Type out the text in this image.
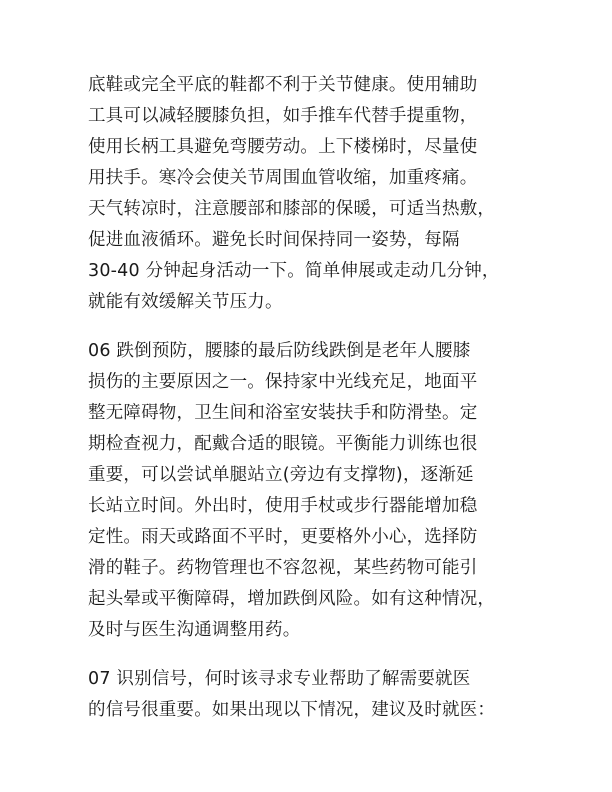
底鞋或完全平底的鞋都不利于关节健康。使用辅助
工具可以减轻腰膝负担，如手推车代替手提重物，
使用长柄工具避免弯腰劳动。上下楼梯时，尽量使
用扶手。寒冷会使关节周围血管收缩，加重疼痛。
天气转凉时，注意腰部和膝部的保暖，可适当热敷，
促进血液循环。避免长时间保持同一姿势，每隔
30-40 分钟起身活动一下。简单伸展或走动几分钟，
就能有效缓解关节压力。

06 跌倒预防，腰膝的最后防线跌倒是老年人腰膝
损伤的主要原因之一。保持家中光线充足，地面平
整无障碍物，卫生间和浴室安装扶手和防滑垫。定
期检查视力，配戴合适的眼镜。平衡能力训练也很
重要，可以尝试单腿站立(旁边有支撑物)，逐渐延
长站立时间。外出时，使用手杖或步行器能增加稳
定性。雨天或路面不平时，更要格外小心，选择防
滑的鞋子。药物管理也不容忽视，某些药物可能引
起头晕或平衡障碍，增加跌倒风险。如有这种情况，
及时与医生沟通调整用药。

07 识别信号，何时该寻求专业帮助了解需要就医
的信号很重要。如果出现以下情况，建议及时就医：
